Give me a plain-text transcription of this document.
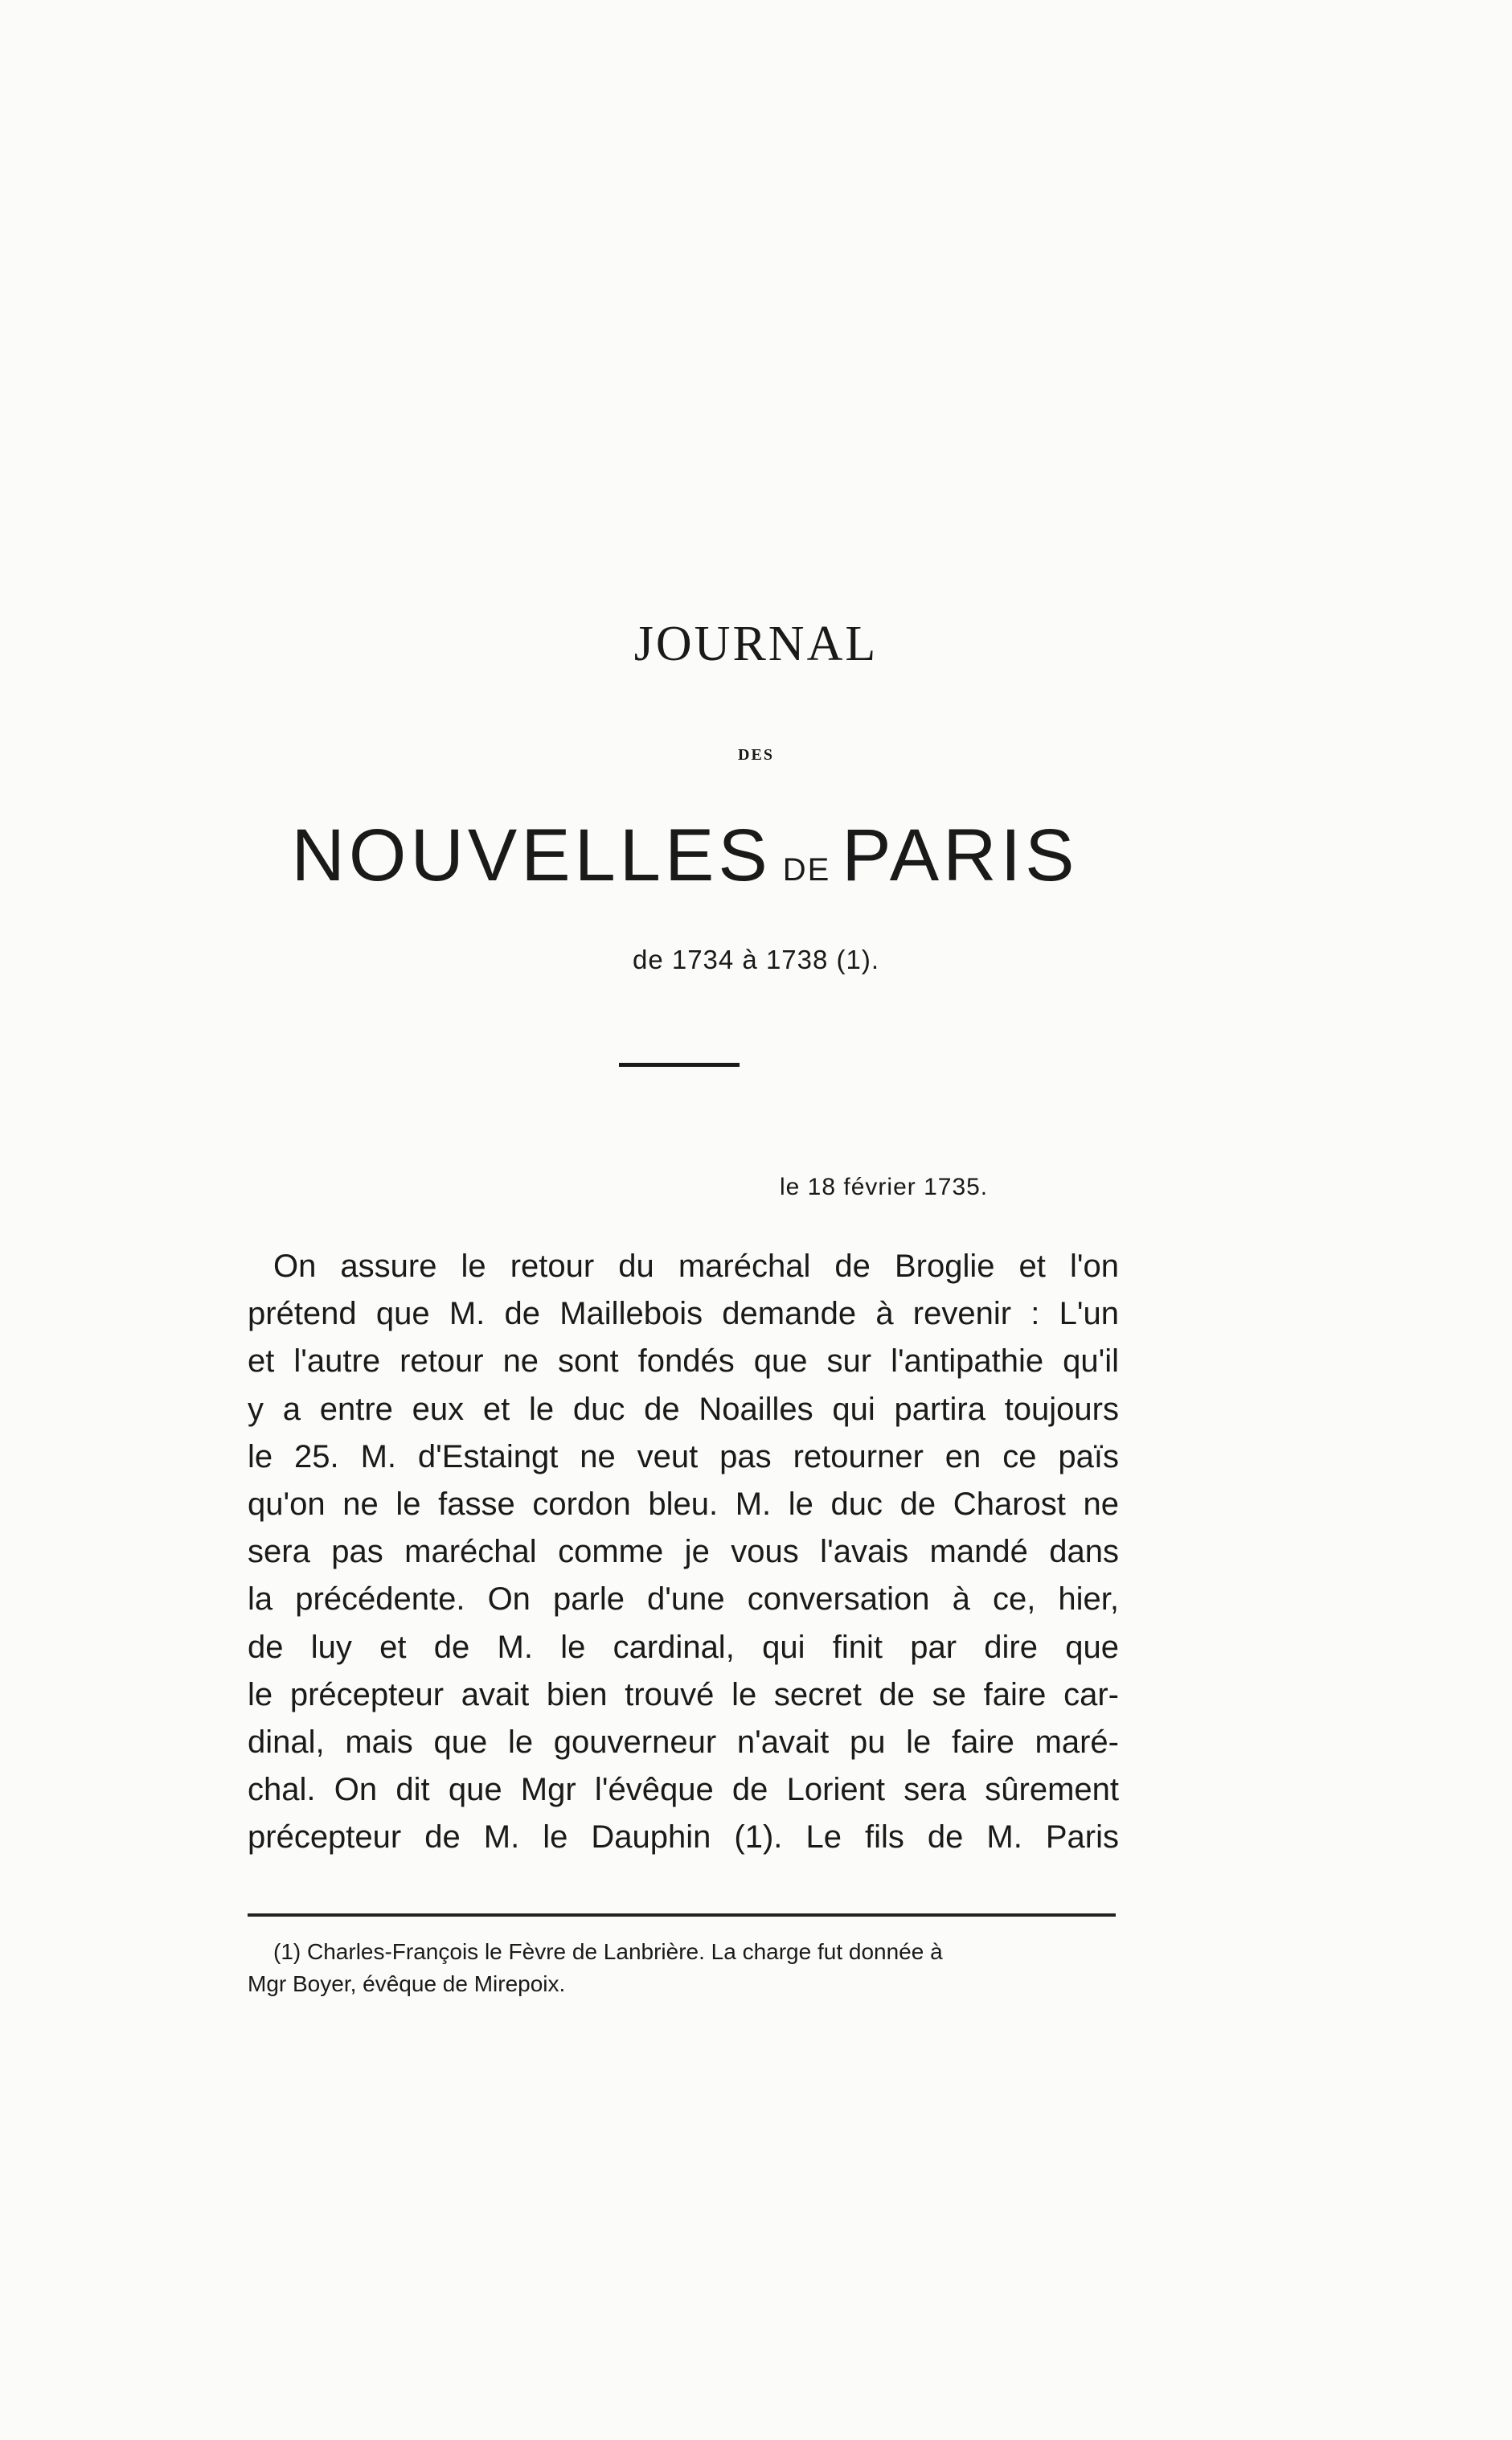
JOURNAL
DES
NOUVELLES DE PARIS
de 1734 à 1738 (1).
le 18 février 1735.
On assure le retour du maréchal de Broglie et l'on
prétend que M. de Maillebois demande à revenir : L'un
et l'autre retour ne sont fondés que sur l'antipathie qu'il
y a entre eux et le duc de Noailles qui partira toujours
le 25. M. d'Estaingt ne veut pas retourner en ce païs
qu'on ne le fasse cordon bleu. M. le duc de Charost ne
sera pas maréchal comme je vous l'avais mandé dans
la précédente. On parle d'une conversation à ce, hier,
de luy et de M. le cardinal, qui finit par dire que
le précepteur avait bien trouvé le secret de se faire car-
dinal, mais que le gouverneur n'avait pu le faire maré-
chal. On dit que Mgr l'évêque de Lorient sera sûrement
précepteur de M. le Dauphin (1). Le fils de M. Paris
(1) Charles-François le Fèvre de Lanbrière. La charge fut donnée à
Mgr Boyer, évêque de Mirepoix.
